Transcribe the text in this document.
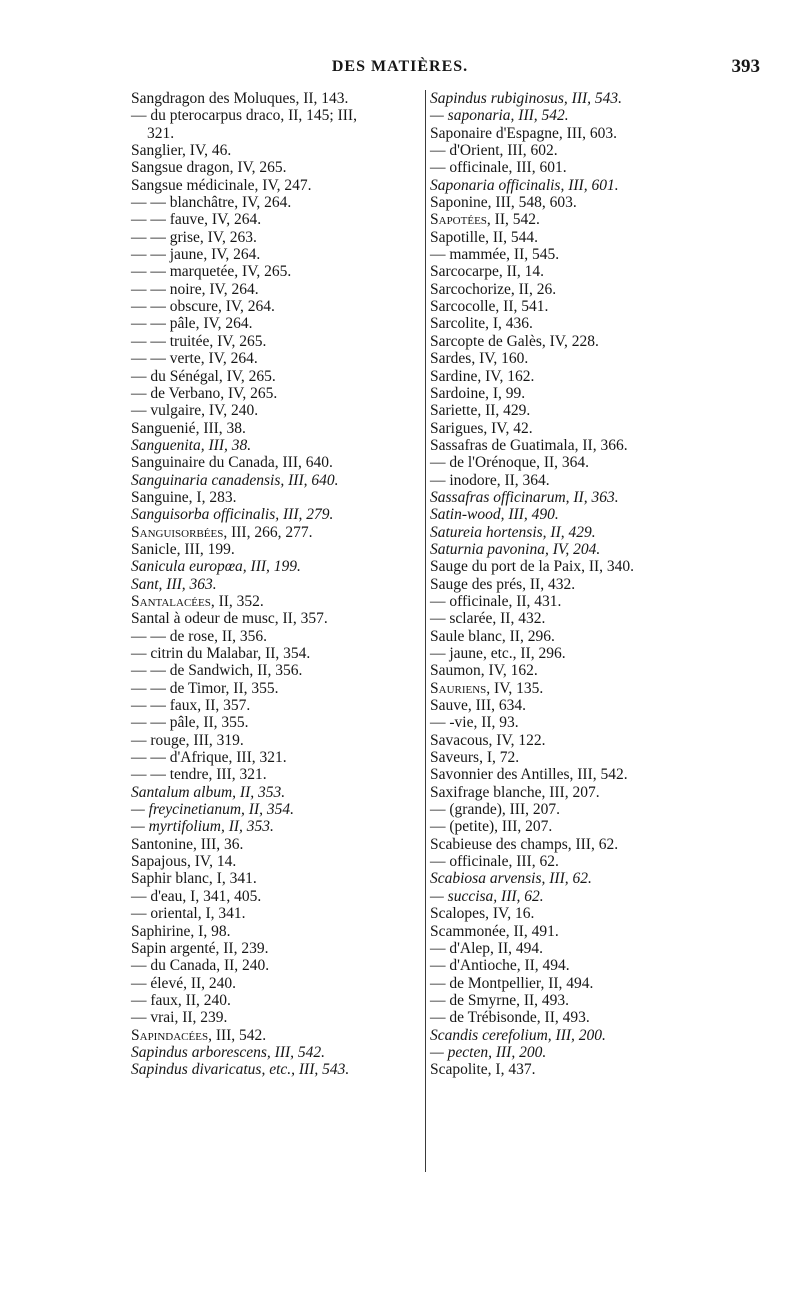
DES MATIÈRES.	393
Sangdragon des Moluques, II, 143.
— du pterocarpus draco, II, 145; III,
321.
Sanglier, IV, 46.
Sangsue dragon, IV, 265.
Sangsue médicinale, IV, 247.
— — blanchâtre, IV, 264.
— — fauve, IV, 264.
— — grise, IV, 263.
— — jaune, IV, 264.
— — marquetée, IV, 265.
— — noire, IV, 264.
— — obscure, IV, 264.
— — pâle, IV, 264.
— — truitée, IV, 265.
— — verte, IV, 264.
— du Sénégal, IV, 265.
— de Verbano, IV, 265.
— vulgaire, IV, 240.
Sanguenié, III, 38.
Sanguenita, III, 38.
Sanguinaire du Canada, III, 640.
Sanguinaria canadensis, III, 640.
Sanguine, I, 283.
Sanguisorba officinalis, III, 279.
Sanguisorbées, III, 266, 277.
Sanicle, III, 199.
Sanicula europœa, III, 199.
Sant, III, 363.
Santalacées, II, 352.
Santal à odeur de musc, II, 357.
— — de rose, II, 356.
— citrin du Malabar, II, 354.
— — de Sandwich, II, 356.
— — de Timor, II, 355.
— — faux, II, 357.
— — pâle, II, 355.
— rouge, III, 319.
— — d'Afrique, III, 321.
— — tendre, III, 321.
Santalum album, II, 353.
— freycinetianum, II, 354.
— myrtifolium, II, 353.
Santonine, III, 36.
Sapajous, IV, 14.
Saphir blanc, I, 341.
— d'eau, I, 341, 405.
— oriental, I, 341.
Saphirine, I, 98.
Sapin argenté, II, 239.
— du Canada, II, 240.
— élevé, II, 240.
— faux, II, 240.
— vrai, II, 239.
Sapindacées, III, 542.
Sapindus arborescens, III, 542.
Sapindus divaricatus, etc., III, 543.
Sapindus rubiginosus, III, 543.
— saponaria, III, 542.
Saponaire d'Espagne, III, 603.
— d'Orient, III, 602.
— officinale, III, 601.
Saponaria officinalis, III, 601.
Saponine, III, 548, 603.
Sapotées, II, 542.
Sapotille, II, 544.
— mammée, II, 545.
Sarcocarpe, II, 14.
Sarcochorize, II, 26.
Sarcocolle, II, 541.
Sarcolite, I, 436.
Sarcopte de Galès, IV, 228.
Sardes, IV, 160.
Sardine, IV, 162.
Sardoine, I, 99.
Sariette, II, 429.
Sarigues, IV, 42.
Sassafras de Guatimala, II, 366.
— de l'Orénoque, II, 364.
— inodore, II, 364.
Sassafras officinarum, II, 363.
Satin-wood, III, 490.
Satureia hortensis, II, 429.
Saturnia pavonina, IV, 204.
Sauge du port de la Paix, II, 340.
Sauge des prés, II, 432.
— officinale, II, 431.
— sclarée, II, 432.
Saule blanc, II, 296.
— jaune, etc., II, 296.
Saumon, IV, 162.
Sauriens, IV, 135.
Sauve, III, 634.
— -vie, II, 93.
Savacous, IV, 122.
Saveurs, I, 72.
Savonnier des Antilles, III, 542.
Saxifrage blanche, III, 207.
— (grande), III, 207.
— (petite), III, 207.
Scabieuse des champs, III, 62.
— officinale, III, 62.
Scabiosa arvensis, III, 62.
— succisa, III, 62.
Scalopes, IV, 16.
Scammonée, II, 491.
— d'Alep, II, 494.
— d'Antioche, II, 494.
— de Montpellier, II, 494.
— de Smyrne, II, 493.
— de Trébisonde, II, 493.
Scandis cerefolium, III, 200.
— pecten, III, 200.
Scapolite, I, 437.
